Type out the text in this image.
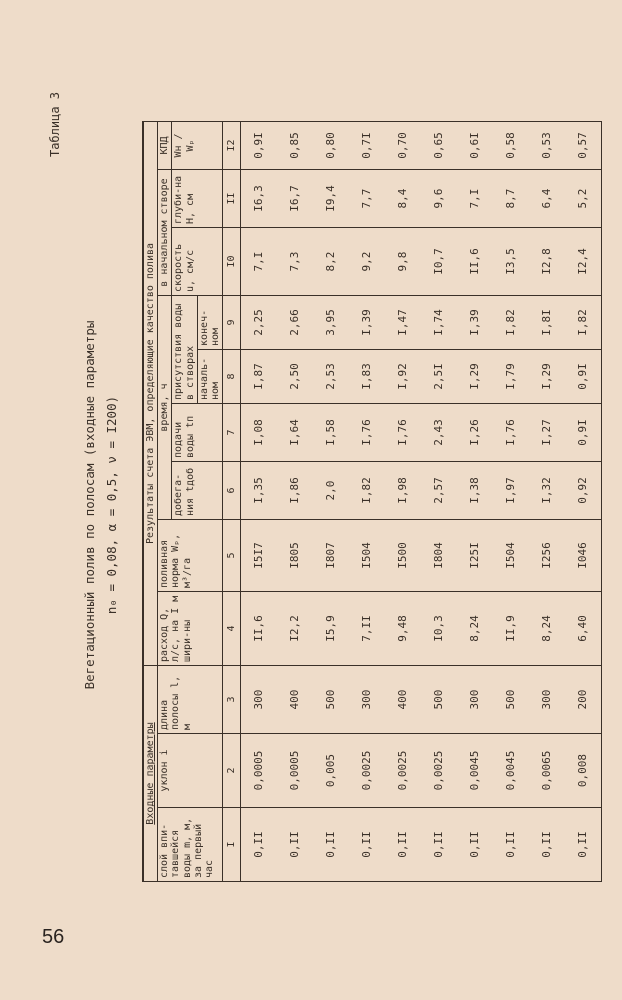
56
Таблица 3
Вегетационный полив по полосам (входные параметры n₀ = 0,08, α = 0,5, ν = I200)
Входные параметры			Результаты счета ЭВМ, определяющие качество полива								
слой впи-тавшейся воды m, м, за первый час	уклон i	длина полосы l, м	расход Q, л/с, на I м шири-ны	поливная норма Wₚ, м³/га	время, ч				в начальном створе		КПД
					добега-ния tдоб	подачи воды tп	присутствия воды в створах		скорость u, см/с	глуби-на H, см	Wн / Wₚ
							началь-ном	конеч-ном			
I	2	3	4	5	6	7	8	9	I0	II	I2
0,II	0,0005	300	II,6	I5I7	I,35	I,08	I,87	2,25	7,I	I6,3	0,9I
0,II	0,0005	400	I2,2	I805	I,86	I,64	2,50	2,66	7,3	I6,7	0,85
0,II	0,005	500	I5,9	I807	2,0	I,58	2,53	3,95	8,2	I9,4	0,80
0,II	0,0025	300	7,II	I504	I,82	I,76	I,83	I,39	9,2	7,7	0,7I
0,II	0,0025	400	9,48	I500	I,98	I,76	I,92	I,47	9,8	8,4	0,70
0,II	0,0025	500	I0,3	I804	2,57	2,43	2,5I	I,74	I0,7	9,6	0,65
0,II	0,0045	300	8,24	I25I	I,38	I,26	I,29	I,39	II,6	7,I	0,6I
0,II	0,0045	500	II,9	I504	I,97	I,76	I,79	I,82	I3,5	8,7	0,58
0,II	0,0065	300	8,24	I256	I,32	I,27	I,29	I,8I	I2,8	6,4	0,53
0,II	0,008	200	6,40	I046	0,92	0,9I	0,9I	I,82	I2,4	5,2	0,57
